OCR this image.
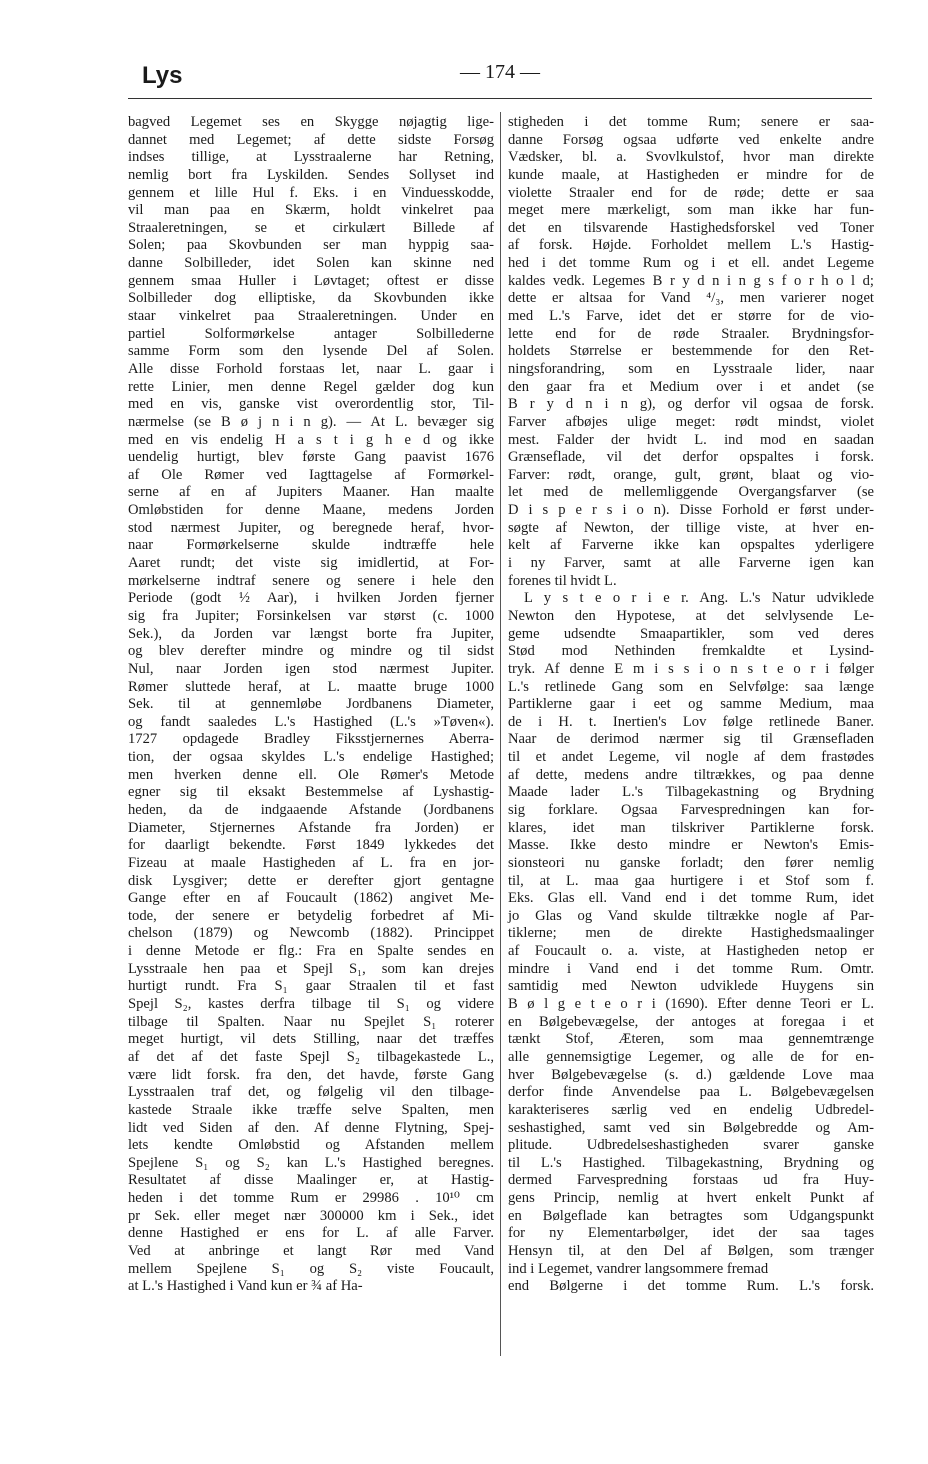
Lys	— 174 —
bagved Legemet ses en Skygge nøjagtig lige-
dannet med Legemet; af dette sidste Forsøg
indses tillige, at Lysstraalerne har Retning,
nemlig bort fra Lyskilden. Sendes Sollyset ind
gennem et lille Hul f. Eks. i en Vinduesskodde,
vil man paa en Skærm, holdt vinkelret paa
Straaleretningen, se et cirkulært Billede af
Solen; paa Skovbunden ser man hyppig saa-
danne Solbilleder, idet Solen kan skinne ned
gennem smaa Huller i Løvtaget; oftest er disse
Solbilleder dog elliptiske, da Skovbunden ikke
staar vinkelret paa Straaleretningen. Under en
partiel Solformørkelse antager Solbillederne
samme Form som den lysende Del af Solen.
Alle disse Forhold forstaas let, naar L. gaar i
rette Linier, men denne Regel gælder dog kun
med en vis, ganske vist overordentlig stor, Til-
nærmelse (se B ø j n i n g). — At L. bevæger sig
med en vis endelig H a s t i g h e d og ikke
uendelig hurtigt, blev første Gang paavist 1676
af Ole Rømer ved Iagttagelse af Formørkel-
serne af en af Jupiters Maaner. Han maalte
Omløbstiden for denne Maane, medens Jorden
stod nærmest Jupiter, og beregnede heraf, hvor-
naar Formørkelserne skulde indtræffe hele
Aaret rundt; det viste sig imidlertid, at For-
mørkelserne indtraf senere og senere i hele den
Periode (godt ½ Aar), i hvilken Jorden fjerner
sig fra Jupiter; Forsinkelsen var størst (c. 1000
Sek.), da Jorden var længst borte fra Jupiter,
og blev derefter mindre og mindre og til sidst
Nul, naar Jorden igen stod nærmest Jupiter.
Rømer sluttede heraf, at L. maatte bruge 1000
Sek. til at gennemløbe Jordbanens Diameter,
og fandt saaledes L.'s Hastighed (L.'s »Tøven«).
1727 opdagede Bradley Fiksstjernernes Aberra-
tion, der ogsaa skyldes L.'s endelige Hastighed;
men hverken denne ell. Ole Rømer's Metode
egner sig til eksakt Bestemmelse af Lyshastig-
heden, da de indgaaende Afstande (Jordbanens
Diameter, Stjernernes Afstande fra Jorden) er
for daarligt bekendte. Først 1849 lykkedes det
Fizeau at maale Hastigheden af L. fra en jor-
disk Lysgiver; dette er derefter gjort gentagne
Gange efter en af Foucault (1862) angivet Me-
tode, der senere er betydelig forbedret af Mi-
chelson (1879) og Newcomb (1882). Princippet
i denne Metode er flg.: Fra en Spalte sendes en
Lysstraale hen paa et Spejl S₁, som kan drejes
hurtigt rundt. Fra S₁ gaar Straalen til et fast
Spejl S₂, kastes derfra tilbage til S₁ og videre
tilbage til Spalten. Naar nu Spejlet S₁ roterer
meget hurtigt, vil dets Stilling, naar det træffes
af det af det faste Spejl S₂ tilbagekastede L.,
være lidt forsk. fra den, det havde, første Gang
Lysstraalen traf det, og følgelig vil den tilbage-
kastede Straale ikke træffe selve Spalten, men
lidt ved Siden af den. Af denne Flytning, Spej-
lets kendte Omløbstid og Afstanden mellem
Spejlene S₁ og S₂ kan L.'s Hastighed beregnes.
Resultatet af disse Maalinger er, at Hastig-
heden i det tomme Rum er 29986 . 10¹⁰ cm
pr Sek. eller meget nær 300000 km i Sek., idet
denne Hastighed er ens for L. af alle Farver.
Ved at anbringe et langt Rør med Vand
mellem Spejlene S₁ og S₂ viste Foucault,
at L.'s Hastighed i Vand kun er ¾ af Ha-
stigheden i det tomme Rum; senere er saa-
danne Forsøg ogsaa udførte ved enkelte andre
Vædsker, bl. a. Svovlkulstof, hvor man direkte
kunde maale, at Hastigheden er mindre for de
violette Straaler end for de røde; dette er saa
meget mere mærkeligt, som man ikke har fun-
det en tilsvarende Hastighedsforskel ved Toner
af forsk. Højde. Forholdet mellem L.'s Hastig-
hed i det tomme Rum og i et ell. andet Legeme
kaldes vedk. Legemes B r y d n i n g s f o r h o l d;
dette er altsaa for Vand ⁴/₃, men varierer noget
med L.'s Farve, idet det er større for de vio-
lette end for de røde Straaler. Brydningsfor-
holdets Størrelse er bestemmende for den Ret-
ningsforandring, som en Lysstraale lider, naar
den gaar fra et Medium over i et andet (se
B r y d n i n g), og derfor vil ogsaa de forsk.
Farver afbøjes ulige meget: rødt mindst, violet
mest. Falder der hvidt L. ind mod en saadan
Grænseflade, vil det derfor opspaltes i forsk.
Farver: rødt, orange, gult, grønt, blaat og vio-
let med de mellemliggende Overgangsfarver (se
D i s p e r s i o n). Disse Forhold er først under-
søgte af Newton, der tillige viste, at hver en-
kelt af Farverne ikke kan opspaltes yderligere
i ny Farver, samt at alle Farverne igen kan
forenes til hvidt L.
L y s t e o r i e r. Ang. L.'s Natur udviklede
Newton den Hypotese, at det selvlysende Le-
geme udsendte Smaapartikler, som ved deres
Stød mod Nethinden fremkaldte et Lysind-
tryk. Af denne E m i s s i o n s t e o r i følger
L.'s retlinede Gang som en Selvfølge: saa længe
Partiklerne gaar i eet og samme Medium, maa
de i H. t. Inertien's Lov følge retlinede Baner.
Naar de derimod nærmer sig til Grænsefladen
til et andet Legeme, vil nogle af dem frastødes
af dette, medens andre tiltrækkes, og paa denne
Maade lader L.'s Tilbagekastning og Brydning
sig forklare. Ogsaa Farvespredningen kan for-
klares, idet man tilskriver Partiklerne forsk.
Masse. Ikke desto mindre er Newton's Emis-
sionsteori nu ganske forladt; den fører nemlig
til, at L. maa gaa hurtigere i et Stof som f.
Eks. Glas ell. Vand end i det tomme Rum, idet
jo Glas og Vand skulde tiltrække nogle af Par-
tiklerne; men de direkte Hastighedsmaalinger
af Foucault o. a. viste, at Hastigheden netop er
mindre i Vand end i det tomme Rum. Omtr.
samtidig med Newton udviklede Huygens sin
B ø l g e t e o r i (1690). Efter denne Teori er L.
en Bølgebevægelse, der antoges at foregaa i et
tænkt Stof, Æteren, som maa gennemtrænge
alle gennemsigtige Legemer, og alle de for en-
hver Bølgebevægelse (s. d.) gældende Love maa
derfor finde Anvendelse paa L. Bølgebevægelsen
karakteriseres særlig ved en endelig Udbredel-
seshastighed, samt ved sin Bølgebredde og Am-
plitude. Udbredelseshastigheden svarer ganske
til L.'s Hastighed. Tilbagekastning, Brydning og
dermed Farvespredning forstaas ud fra Huy-
gens Princip, nemlig at hvert enkelt Punkt af
en Bølgeflade kan betragtes som Udgangspunkt
for ny Elementarbølger, idet der saa tages
Hensyn til, at den Del af Bølgen, som trænger
ind i Legemet, vandrer langsommere fremad
end Bølgerne i det tomme Rum. L.'s forsk.
